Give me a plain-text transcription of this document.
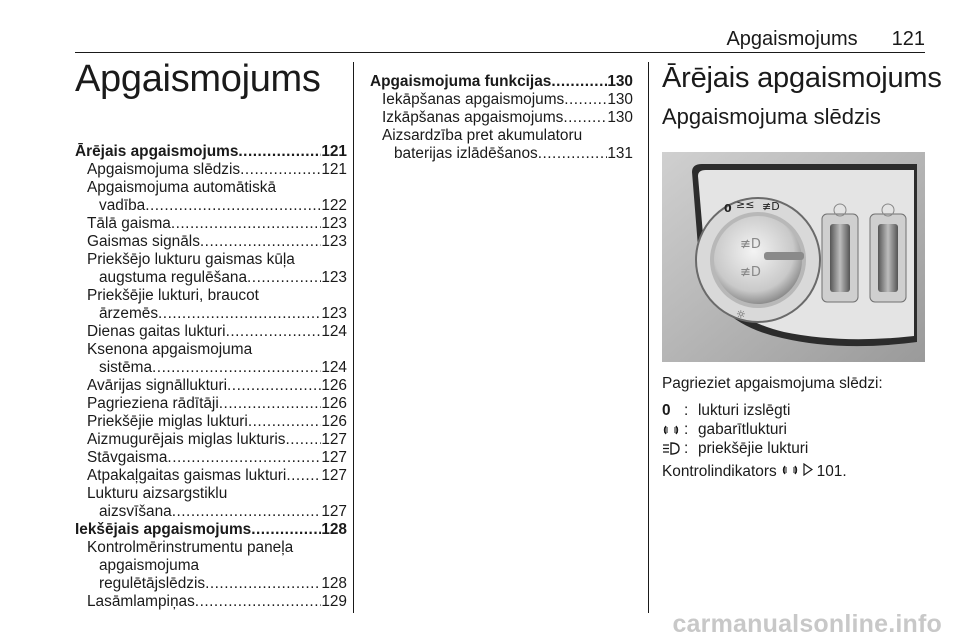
Apgaismojums 121
Apgaismojums
Ārējais apgaismojums .....	121
Apgaismojuma slēdzis .....	121
Apgaismojuma automātiskā
vadība .....	122
Tālā gaisma .....	123
Gaismas signāls .....	123
Priekšējo lukturu gaismas kūļa
augstuma regulēšana .....	123
Priekšējie lukturi, braucot
ārzemēs .....	123
Dienas gaitas lukturi .....	124
Ksenona apgaismojuma
sistēma .....	124
Avārijas signāllukturi .....	126
Pagrieziena rādītāji .....	126
Priekšējie miglas lukturi .....	126
Aizmugurējais miglas lukturis ..... 127
Stāvgaisma .....	127
Atpakaļgaitas gaismas lukturi ..... 127
Lukturu aizsargstiklu
aizsvīšana .....	127
Iekšējais apgaismojums .....	128
Kontrolmērinstrumentu paneļa
apgaismojuma
regulētājslēdzis .....	128
Lasāmlampiņas .....	129
Apgaismojuma funkcijas .....	130
Iekāpšanas apgaismojums .....	130
Izkāpšanas apgaismojums .....	130
Aizsardzība pret akumulatoru
baterijas izlādēšanos .....	131
Ārējais apgaismojums
Apgaismojuma slēdzis
≢D
≢D
0 ≥≤ ≢D
☼
Pagrieziet apgaismojuma slēdzi:
0 : lukturi izslēgti
: gabarītlukturi
: priekšējie lukturi
Kontrolindikators	101.
carmanualsonline.info
